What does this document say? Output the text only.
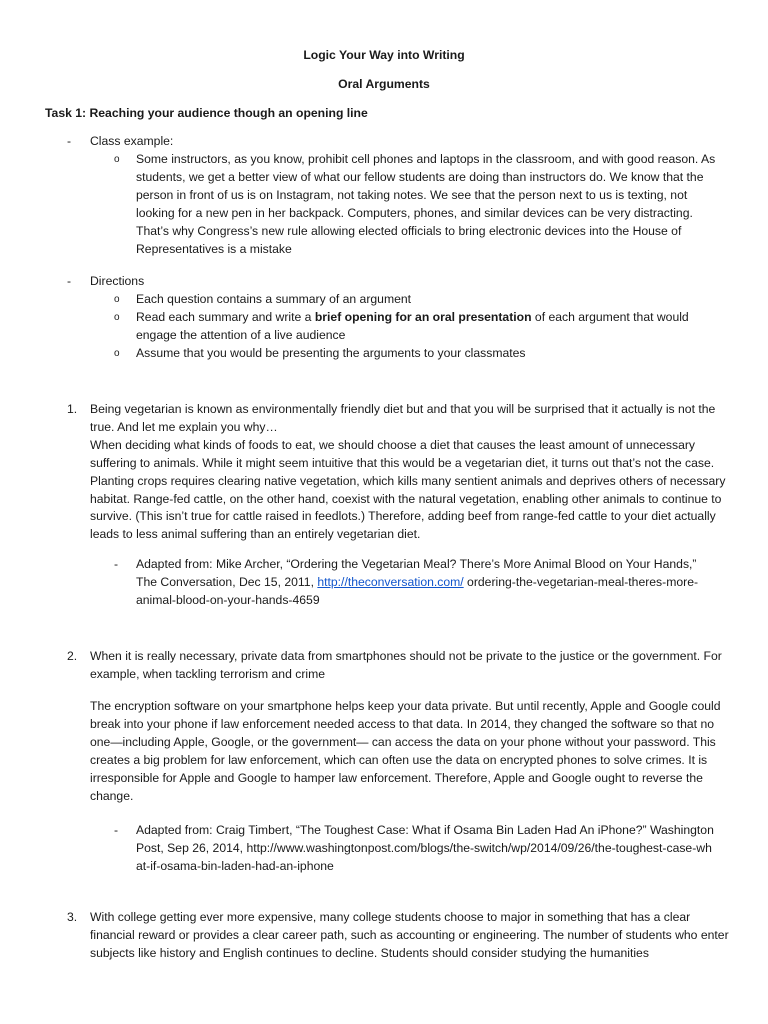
Logic Your Way into Writing
Oral Arguments
Task 1: Reaching your audience though an opening line
-	Class example:
o Some instructors, as you know, prohibit cell phones and laptops in the classroom, and with good reason. As students, we get a better view of what our fellow students are doing than instructors do. We know that the person in front of us is on Instagram, not taking notes. We see that the person next to us is texting, not looking for a new pen in her backpack. Computers, phones, and similar devices can be very distracting. That’s why Congress’s new rule allowing elected officials to bring electronic devices into the House of Representatives is a mistake
-	Directions
o Each question contains a summary of an argument
o Read each summary and write a brief opening for an oral presentation of each argument that would engage the attention of a live audience
o Assume that you would be presenting the arguments to your classmates
1. Being vegetarian is known as environmentally friendly diet but and that you will be surprised that it actually is not the true. And let me explain you why…

When deciding what kinds of foods to eat, we should choose a diet that causes the least amount of unnecessary suffering to animals. While it might seem intuitive that this would be a vegetarian diet, it turns out that’s not the case. Planting crops requires clearing native vegetation, which kills many sentient animals and deprives others of necessary habitat. Range-fed cattle, on the other hand, coexist with the natural vegetation, enabling other animals to continue to survive. (This isn’t true for cattle raised in feedlots.) Therefore, adding beef from range-fed cattle to your diet actually leads to less animal suffering than an entirely vegetarian diet.

-	Adapted from: Mike Archer, “Ordering the Vegetarian Meal? There’s More Animal Blood on Your Hands,” The Conversation, Dec 15, 2011, http://theconversation.com/ ordering-the-vegetarian-meal-theres-more-animal-blood-on-your-hands-4659
2. When it is really necessary, private data from smartphones should not be private to the justice or the government. For example, when tackling terrorism and crime
The encryption software on your smartphone helps keep your data private. But until recently, Apple and Google could break into your phone if law enforcement needed access to that data. In 2014, they changed the software so that no one—including Apple, Google, or the government— can access the data on your phone without your password. This creates a big problem for law enforcement, which can often use the data on encrypted phones to solve crimes. It is irresponsible for Apple and Google to hamper law enforcement. Therefore, Apple and Google ought to reverse the change.
-	Adapted from: Craig Timbert, “The Toughest Case: What if Osama Bin Laden Had An iPhone?” Washington Post, Sep 26, 2014, http://www.washingtonpost.com/blogs/the-switch/wp/2014/09/26/the-toughest-case-what-if-osama-bin-laden-had-an-iphone
3. With college getting ever more expensive, many college students choose to major in something that has a clear financial reward or provides a clear career path, such as accounting or engineering. The number of students who enter subjects like history and English continues to decline. Students should consider studying the humanities
